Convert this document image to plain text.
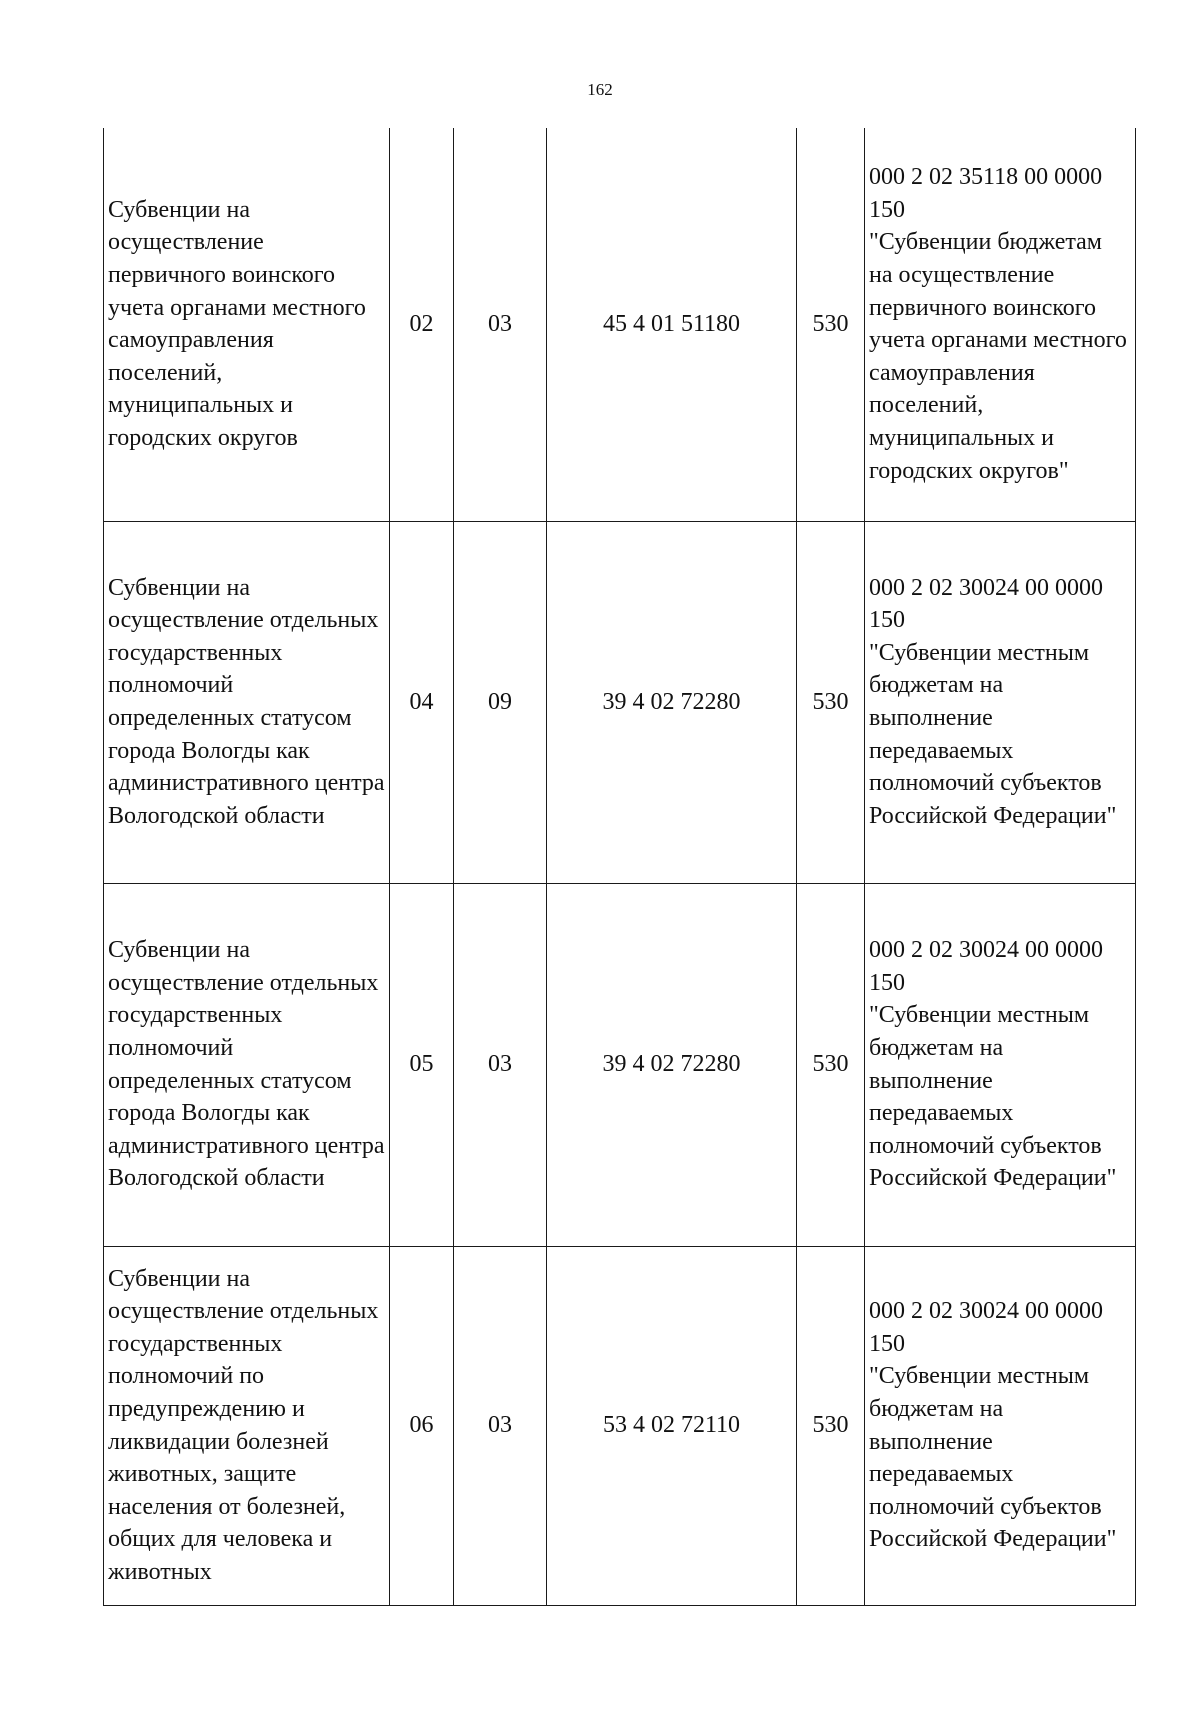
162
Субвенции на осуществление первичного воинского учета органами местного самоуправления поселений, муниципальных и городских округов	02	03	45 4 01 51180	530	000 2 02 35118 00 0000 150
"Субвенции бюджетам на осуществление первичного воинского учета органами местного самоуправления поселений, муниципальных и городских округов"

Субвенции на осуществление отдельных государственных полномочий определенных статусом города Вологды как административного центра Вологодской области	04	09	39 4 02 72280	530	000 2 02 30024 00 0000 150
"Субвенции местным бюджетам на выполнение передаваемых полномочий субъектов Российской Федерации"

Субвенции на осуществление отдельных государственных полномочий определенных статусом города Вологды как административного центра Вологодской области	05	03	39 4 02 72280	530	000 2 02 30024 00 0000 150
"Субвенции местным бюджетам на выполнение передаваемых полномочий субъектов Российской Федерации"

Субвенции на осуществление отдельных государственных полномочий по предупреждению и ликвидации болезней животных, защите населения от болезней, общих для человека и животных	06	03	53 4 02 72110	530	000 2 02 30024 00 0000 150
"Субвенции местным бюджетам на выполнение передаваемых полномочий субъектов Российской Федерации"
